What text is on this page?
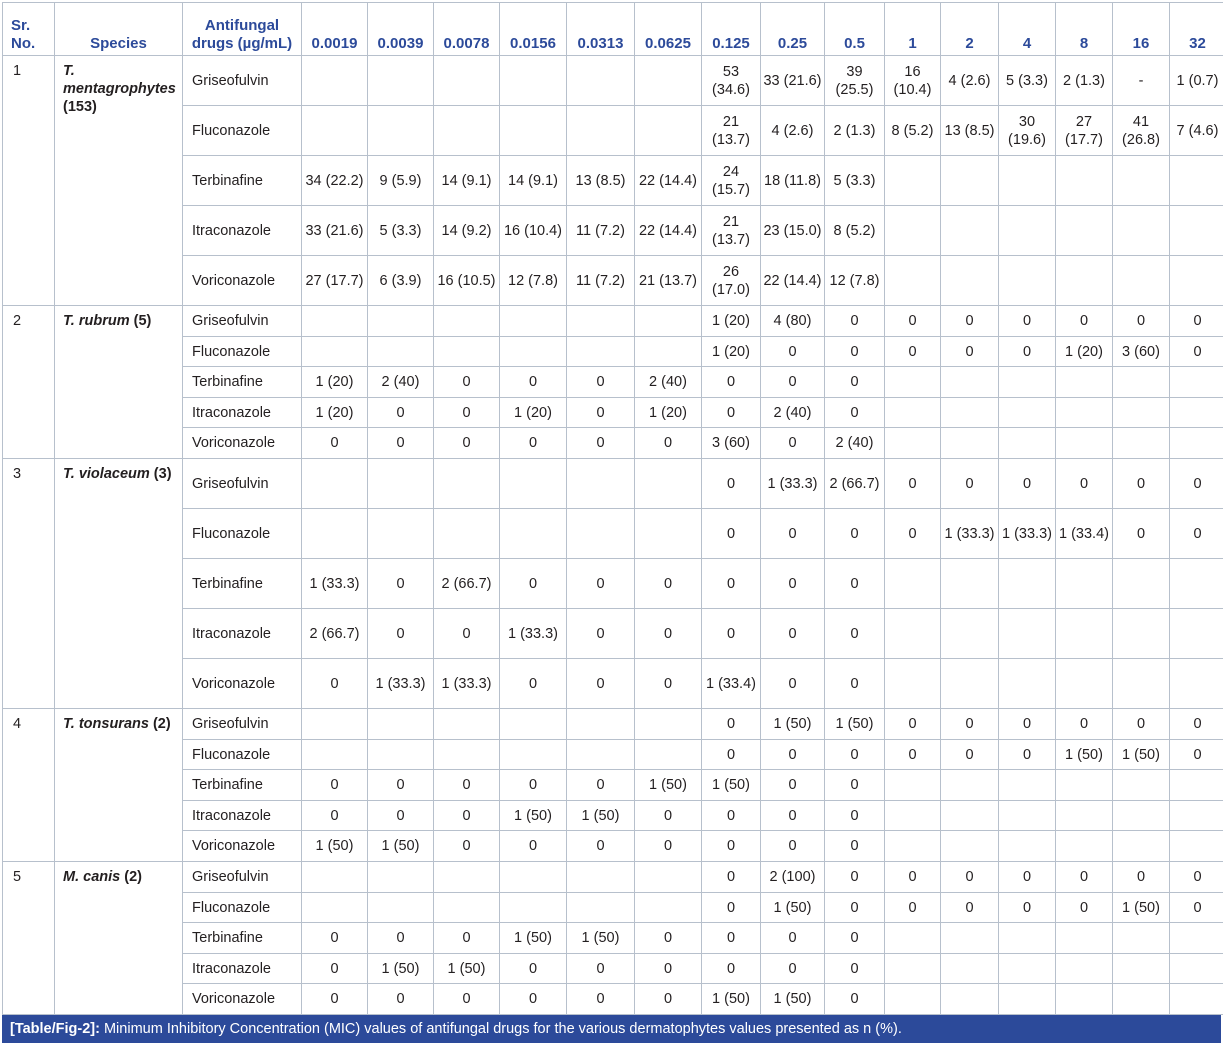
Sr. No.	Species	Antifungal drugs (µg/mL)	0.0019	0.0039	0.0078	0.0156	0.0313	0.0625	0.125	0.25	0.5	1	2	4	8	16	32
1	T. mentagrophytes (153)	Griseofulvin							53 (34.6)	33 (21.6)	39 (25.5)	16 (10.4)	4 (2.6)	5 (3.3)	2 (1.3)	-	1 (0.7)
		Fluconazole							21 (13.7)	4 (2.6)	2 (1.3)	8 (5.2)	13 (8.5)	30 (19.6)	27 (17.7)	41 (26.8)	7 (4.6)
		Terbinafine	34 (22.2)	9 (5.9)	14 (9.1)	14 (9.1)	13 (8.5)	22 (14.4)	24 (15.7)	18 (11.8)	5 (3.3)						
		Itraconazole	33 (21.6)	5 (3.3)	14 (9.2)	16 (10.4)	11 (7.2)	22 (14.4)	21 (13.7)	23 (15.0)	8 (5.2)						
		Voriconazole	27 (17.7)	6 (3.9)	16 (10.5)	12 (7.8)	11 (7.2)	21 (13.7)	26 (17.0)	22 (14.4)	12 (7.8)						
2	T. rubrum (5)	Griseofulvin							1 (20)	4 (80)	0	0	0	0	0	0	0
		Fluconazole							1 (20)	0	0	0	0	0	1 (20)	3 (60)	0
		Terbinafine	1 (20)	2 (40)	0	0	0	2 (40)	0	0	0						
		Itraconazole	1 (20)	0	0	1 (20)	0	1 (20)	0	2 (40)	0						
		Voriconazole	0	0	0	0	0	0	3 (60)	0	2 (40)						
3	T. violaceum (3)	Griseofulvin							0	1 (33.3)	2 (66.7)	0	0	0	0	0	0
		Fluconazole							0	0	0	0	1 (33.3)	1 (33.3)	1 (33.4)	0	0
		Terbinafine	1 (33.3)	0	2 (66.7)	0	0	0	0	0	0						
		Itraconazole	2 (66.7)	0	0	1 (33.3)	0	0	0	0	0						
		Voriconazole	0	1 (33.3)	1 (33.3)	0	0	0	1 (33.4)	0	0						
4	T. tonsurans (2)	Griseofulvin							0	1 (50)	1 (50)	0	0	0	0	0	0
		Fluconazole							0	0	0	0	0	0	1 (50)	1 (50)	0
		Terbinafine	0	0	0	0	0	1 (50)	1 (50)	0	0						
		Itraconazole	0	0	0	1 (50)	1 (50)	0	0	0	0						
		Voriconazole	1 (50)	1 (50)	0	0	0	0	0	0	0						
5	M. canis (2)	Griseofulvin							0	2 (100)	0	0	0	0	0	0	0
		Fluconazole							0	1 (50)	0	0	0	0	0	1 (50)	0
		Terbinafine	0	0	0	1 (50)	1 (50)	0	0	0	0						
		Itraconazole	0	1 (50)	1 (50)	0	0	0	0	0	0						
		Voriconazole	0	0	0	0	0	0	1 (50)	1 (50)	0						
[Table/Fig-2]: Minimum Inhibitory Concentration (MIC) values of antifungal drugs for the various dermatophytes values presented as n (%).
